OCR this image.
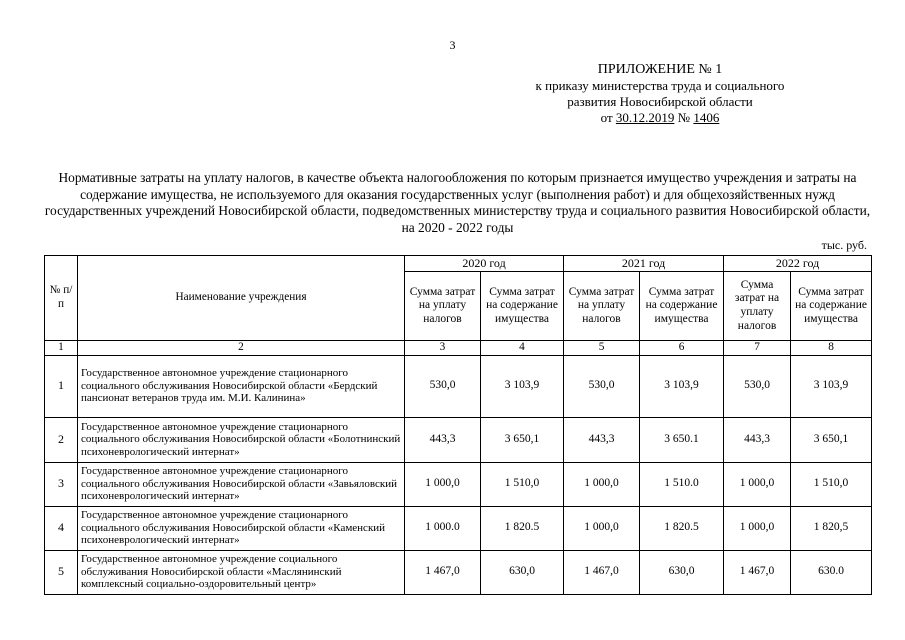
3
ПРИЛОЖЕНИЕ № 1
к приказу министерства труда и социального
развития Новосибирской области
от 30.12.2019 № 1406
Нормативные затраты на уплату налогов, в качестве объекта налогообложения по которым признается имущество учреждения и затраты на содержание имущества, не используемого для оказания государственных услуг (выполнения работ) и для общехозяйственных нужд государственных учреждений Новосибирской области, подведомственных министерству труда и социального развития Новосибирской области, на 2020 - 2022 годы
тыс. руб.
№ п/п	Наименование учреждения	2020 год		2021 год		2022 год	
		Сумма затрат на уплату налогов	Сумма затрат на содержание имущества	Сумма затрат на уплату налогов	Сумма затрат на содержание имущества	Сумма затрат на уплату налогов	Сумма затрат на содержание имущества
1	2	3	4	5	6	7	8
1	Государственное автономное учреждение стационарного социального обслуживания Новосибирской области «Бердский пансионат ветеранов труда им. М.И. Калинина»	530,0	3 103,9	530,0	3 103,9	530,0	3 103,9
2	Государственное автономное учреждение стационарного социального обслуживания Новосибирской области «Болотнинский психоневрологический интернат»	443,3	3 650,1	443,3	3 650.1	443,3	3 650,1
3	Государственное автономное учреждение стационарного социального обслуживания Новосибирской области «Завьяловский психоневрологический интернат»	1 000,0	1 510,0	1 000,0	1 510.0	1 000,0	1 510,0
4	Государственное автономное учреждение стационарного социального обслуживания Новосибирской области «Каменский психоневрологический интернат»	1 000.0	1 820.5	1 000,0	1 820.5	1 000,0	1 820,5
5	Государственное автономное учреждение социального обслуживания Новосибирской области «Маслянинский комплексный социально-оздоровительный центр»	1 467,0	630,0	1 467,0	630,0	1 467,0	630.0
